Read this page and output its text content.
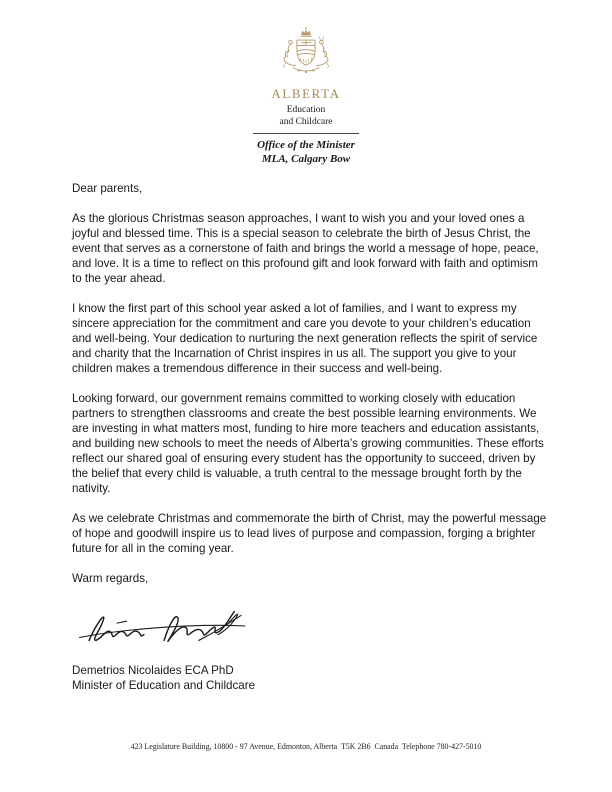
ALBERTA
Education
and Childcare
Office of the Minister
MLA, Calgary Bow

Dear parents,

As the glorious Christmas season approaches, I want to wish you and your loved ones a joyful and blessed time. This is a special season to celebrate the birth of Jesus Christ, the event that serves as a cornerstone of faith and brings the world a message of hope, peace, and love. It is a time to reflect on this profound gift and look forward with faith and optimism to the year ahead.

I know the first part of this school year asked a lot of families, and I want to express my sincere appreciation for the commitment and care you devote to your children’s education and well-being. Your dedication to nurturing the next generation reflects the spirit of service and charity that the Incarnation of Christ inspires in us all. The support you give to your children makes a tremendous difference in their success and well-being.

Looking forward, our government remains committed to working closely with education partners to strengthen classrooms and create the best possible learning environments. We are investing in what matters most, funding to hire more teachers and education assistants, and building new schools to meet the needs of Alberta’s growing communities. These efforts reflect our shared goal of ensuring every student has the opportunity to succeed, driven by the belief that every child is valuable, a truth central to the message brought forth by the nativity.

As we celebrate Christmas and commemorate the birth of Christ, may the powerful message of hope and goodwill inspire us to lead lives of purpose and compassion, forging a brighter future for all in the coming year.

Warm regards,

Demetrios Nicolaides ECA PhD
Minister of Education and Childcare
423 Legislature Building, 10800 - 97 Avenue, Edmonton, Alberta  T5K 2B6  Canada  Telephone 780-427-5010
